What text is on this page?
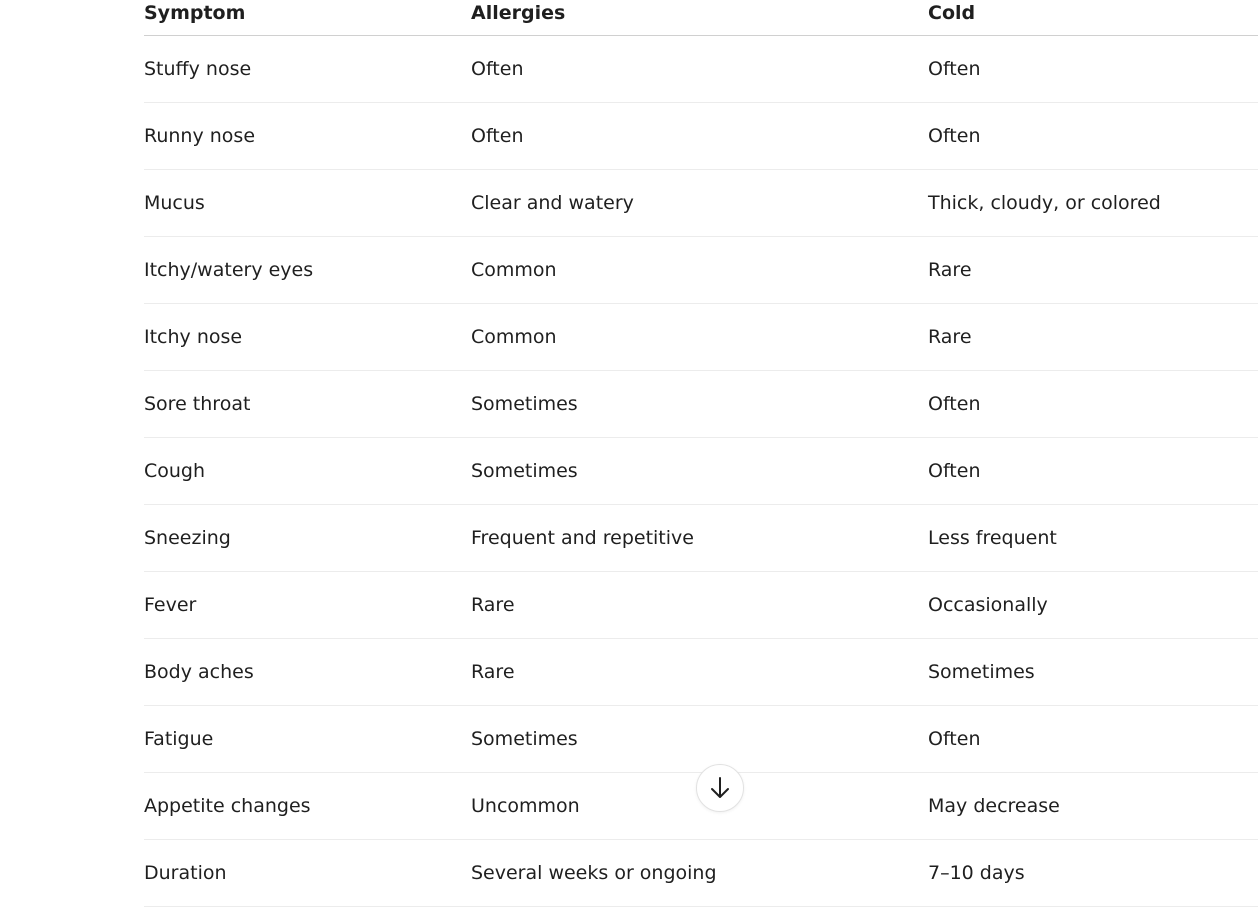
Symptom	Allergies	Cold
Stuffy nose	Often	Often
Runny nose	Often	Often
Mucus	Clear and watery	Thick, cloudy, or colored
Itchy/watery eyes	Common	Rare
Itchy nose	Common	Rare
Sore throat	Sometimes	Often
Cough	Sometimes	Often
Sneezing	Frequent and repetitive	Less frequent
Fever	Rare	Occasionally
Body aches	Rare	Sometimes
Fatigue	Sometimes	Often
Appetite changes	Uncommon	May decrease
Duration	Several weeks or ongoing	7–10 days
